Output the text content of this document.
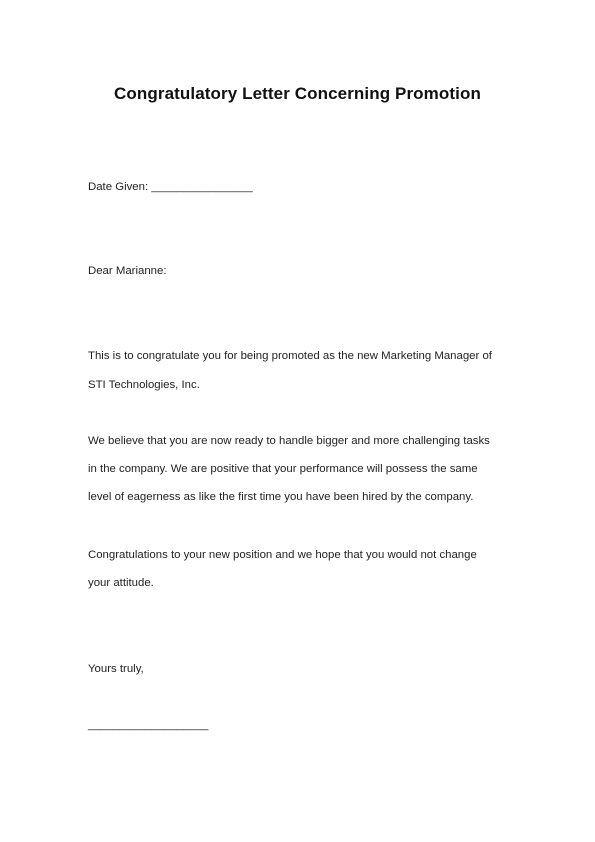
Congratulatory Letter Concerning Promotion
Date Given: ________________
Dear Marianne:
This is to congratulate you for being promoted as the new Marketing Manager of
STI Technologies, Inc.
We believe that you are now ready to handle bigger and more challenging tasks
in the company. We are positive that your performance will possess the same
level of eagerness as like the first time you have been hired by the company.
Congratulations to your new position and we hope that you would not change
your attitude.
Yours truly,
___________________
